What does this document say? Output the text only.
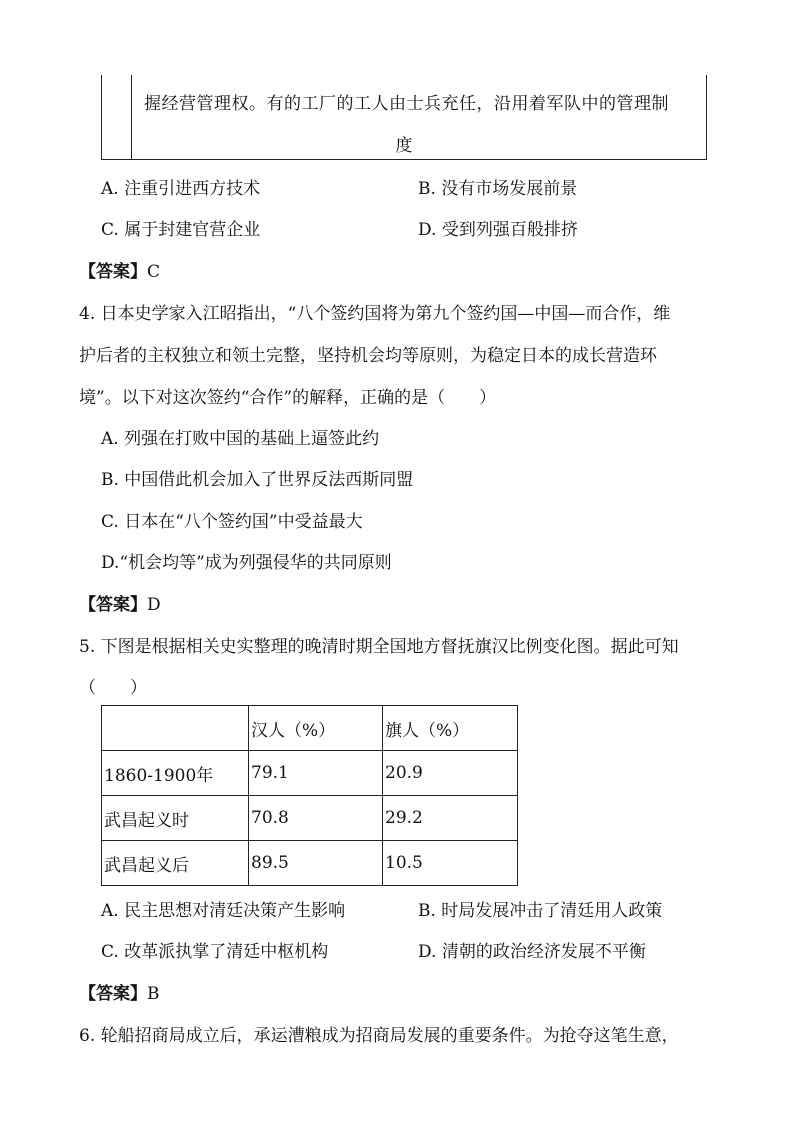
握经营管理权。有的工厂的工人由士兵充任，沿用着军队中的管理制
度
A. 注重引进西方技术	B. 没有市场发展前景
C. 属于封建官营企业	D. 受到列强百般排挤
【答案】C
4. 日本史学家入江昭指出，“八个签约国将为第九个签约国—中国—而合作，维
护后者的主权独立和领土完整，坚持机会均等原则，为稳定日本的成长营造环
境”。以下对这次签约“合作”的解释，正确的是（　　）
A. 列强在打败中国的基础上逼签此约
B. 中国借此机会加入了世界反法西斯同盟
C. 日本在“八个签约国”中受益最大
D.“机会均等”成为列强侵华的共同原则
【答案】D
5. 下图是根据相关史实整理的晚清时期全国地方督抚旗汉比例变化图。据此可知
（　　）
	汉人（%）	旗人（%）
1860-1900年	79.1	20.9
武昌起义时	70.8	29.2
武昌起义后	89.5	10.5
A. 民主思想对清廷决策产生影响	B. 时局发展冲击了清廷用人政策
C. 改革派执掌了清廷中枢机构	D. 清朝的政治经济发展不平衡
【答案】B
6. 轮船招商局成立后，承运漕粮成为招商局发展的重要条件。为抢夺这笔生意，
